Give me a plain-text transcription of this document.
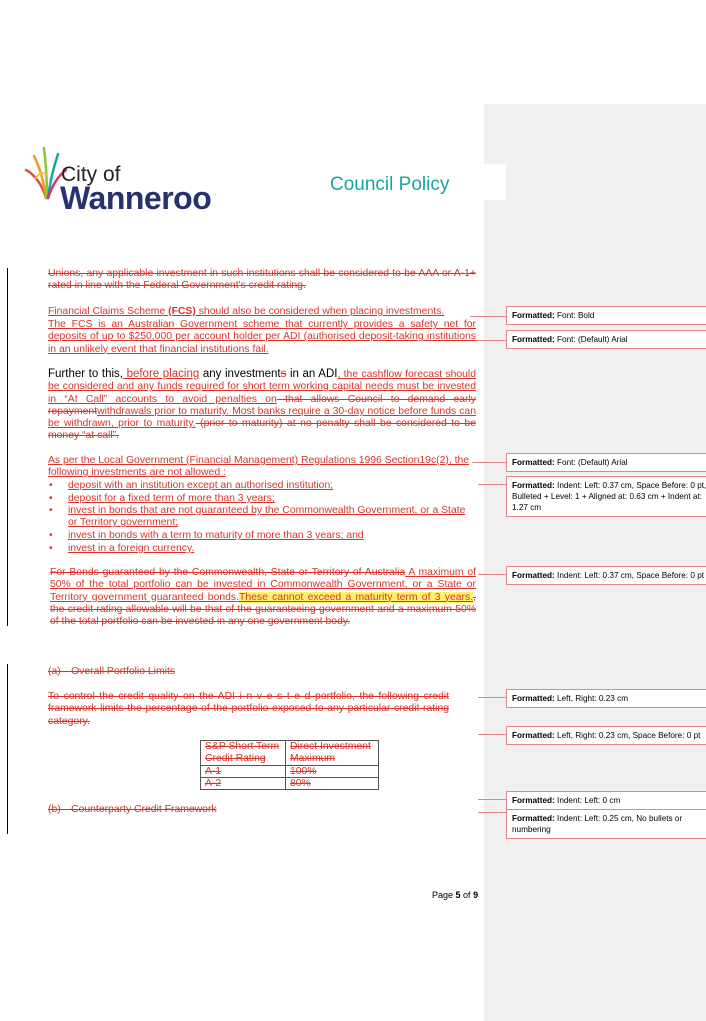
City of
Wanneroo	Council Policy

Unions, any applicable investment in such institutions shall be considered to be AAA or A-1+ rated in line with the Federal Government's credit rating.

Financial Claims Scheme (FCS) should also be considered when placing investments.

The FCS is an Australian Government scheme that currently provides a safety net for deposits of up to $250,000 per account holder per ADI (authorised deposit-taking institutions in an unlikely event that financial institutions fail.

Further to this, before placing any investments in an ADI, the cashflow forecast should be considered and any funds required for short term working capital needs must be invested in “At Call” accounts to avoid penalties on that allows Council to demand early repaymentwithdrawals prior to maturity. Most banks require a 30-day notice before funds can be withdrawn, prior to maturity. (prior to maturity) at no penalty shall be considered to be money “at call”.

As per the Local Government (Financial Management) Regulations 1996 Section19c(2), the following investments are not allowed :

•	deposit with an institution except an authorised institution;
•	deposit for a fixed term of more than 3 years;
•	invest in bonds that are not guaranteed by the Commonwealth Government, or a State or Territory government;
•	invest in bonds with a term to maturity of more than 3 years; and
•	invest in a foreign currency.

For Bonds guaranteed by the Commonwealth, State or Territory of Australia A maximum of 50% of the total portfolio can be invested in Commonwealth Government, or a State or Territory government guaranteed bonds.These cannot exceed a maturity term of 3 years., the credit rating allowable will be that of the guaranteeing government and a maximum 50% of the total portfolio can be invested in any one government body.

(a) Overall Portfolio Limits

To control the credit quality on the ADI i n v e s t e d portfolio, the following credit framework limits the percentage of the portfolio exposed to any particular credit rating category.

S&P Short Term Credit Rating	Direct Investment Maximum
A-1	100%
A-2	80%

(b) Counterparty Credit Framework

Page 5 of 9
Formatted: Font: Bold
Formatted: Font: (Default) Arial
Formatted: Font: (Default) Arial
Formatted: Indent: Left: 0.37 cm, Space Before: 0 pt, Bulleted + Level: 1 + Aligned at: 0.63 cm + Indent at: 1.27 cm
Formatted: Indent: Left: 0.37 cm, Space Before: 0 pt
Formatted: Left, Right: 0.23 cm
Formatted: Left, Right: 0.23 cm, Space Before: 0 pt
Formatted: Indent: Left: 0 cm
Formatted: Indent: Left: 0.25 cm, No bullets or numbering
